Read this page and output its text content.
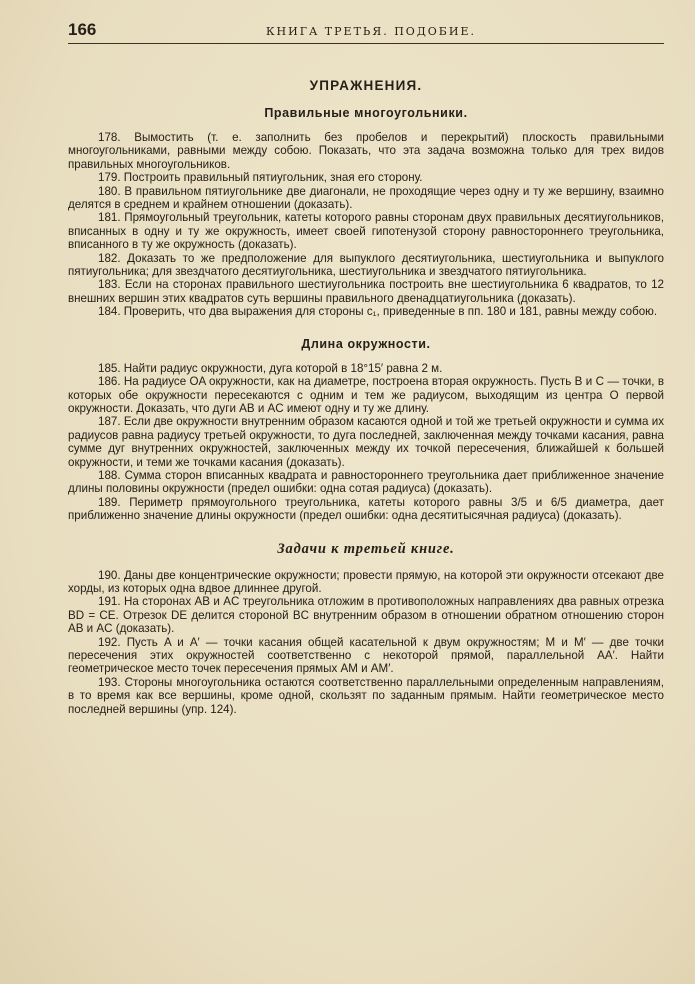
166	КНИГА ТРЕТЬЯ. ПОДОБИЕ.
УПРАЖНЕНИЯ.
Правильные многоугольники.

178. Вымостить (т. е. заполнить без пробелов и перекрытий) плоскость правильными многоугольниками, равными между собою. Показать, что эта задача возможна только для трех видов правильных многоугольников.

179. Построить правильный пятиугольник, зная его сторону.

180. В правильном пятиугольнике две диагонали, не проходящие через одну и ту же вершину, взаимно делятся в среднем и крайнем отношении (доказать).

181. Прямоугольный треугольник, катеты которого равны сторонам двух правильных десятиугольников, вписанных в одну и ту же окружность, имеет своей гипотенузой сторону равностороннего треугольника, вписанного в ту же окружность (доказать).

182. Доказать то же предположение для выпуклого десятиугольника, шестиугольника и выпуклого пятиугольника; для звездчатого десятиугольника, шестиугольника и звездчатого пятиугольника.

183. Если на сторонах правильного шестиугольника построить вне шестиугольника 6 квадратов, то 12 внешних вершин этих квадратов суть вершины правильного двенадцатиугольника (доказать).

184. Проверить, что два выражения для стороны c₁, приведенные в пп. 180 и 181, равны между собою.

Длина окружности.

185. Найти радиус окружности, дуга которой в 18°15′ равна 2 м.

186. На радиусе OA окружности, как на диаметре, построена вторая окружность. Пусть B и C — точки, в которых обе окружности пересекаются с одним и тем же радиусом, выходящим из центра O первой окружности. Доказать, что дуги AB и AC имеют одну и ту же длину.

187. Если две окружности внутренним образом касаются одной и той же третьей окружности и сумма их радиусов равна радиусу третьей окружности, то дуга последней, заключенная между точками касания, равна сумме дуг внутренних окружностей, заключенных между их точкой пересечения, ближайшей к большей окружности, и теми же точками касания (доказать).

188. Сумма сторон вписанных квадрата и равностороннего треугольника дает приближенное значение длины половины окружности (предел ошибки: одна сотая радиуса) (доказать).

189. Периметр прямоугольного треугольника, катеты которого равны 3/5 и 6/5 диаметра, дает приближенно значение длины окружности (предел ошибки: одна десятитысячная радиуса) (доказать).

Задачи к третьей книге.

190. Даны две концентрические окружности; провести прямую, на которой эти окружности отсекают две хорды, из которых одна вдвое длиннее другой.

191. На сторонах AB и AC треугольника отложим в противоположных направлениях два равных отрезка BD = CE. Отрезок DE делится стороной BC внутренним образом в отношении обратном отношению сторон AB и AC (доказать).

192. Пусть A и A′ — точки касания общей касательной к двум окружностям; M и M′ — две точки пересечения этих окружностей соответственно с некоторой прямой, параллельной AA′. Найти геометрическое место точек пересечения прямых AM и AM′.

193. Стороны многоугольника остаются соответственно параллельными определенным направлениям, в то время как все вершины, кроме одной, скользят по заданным прямым. Найти геометрическое место последней вершины (упр. 124).
